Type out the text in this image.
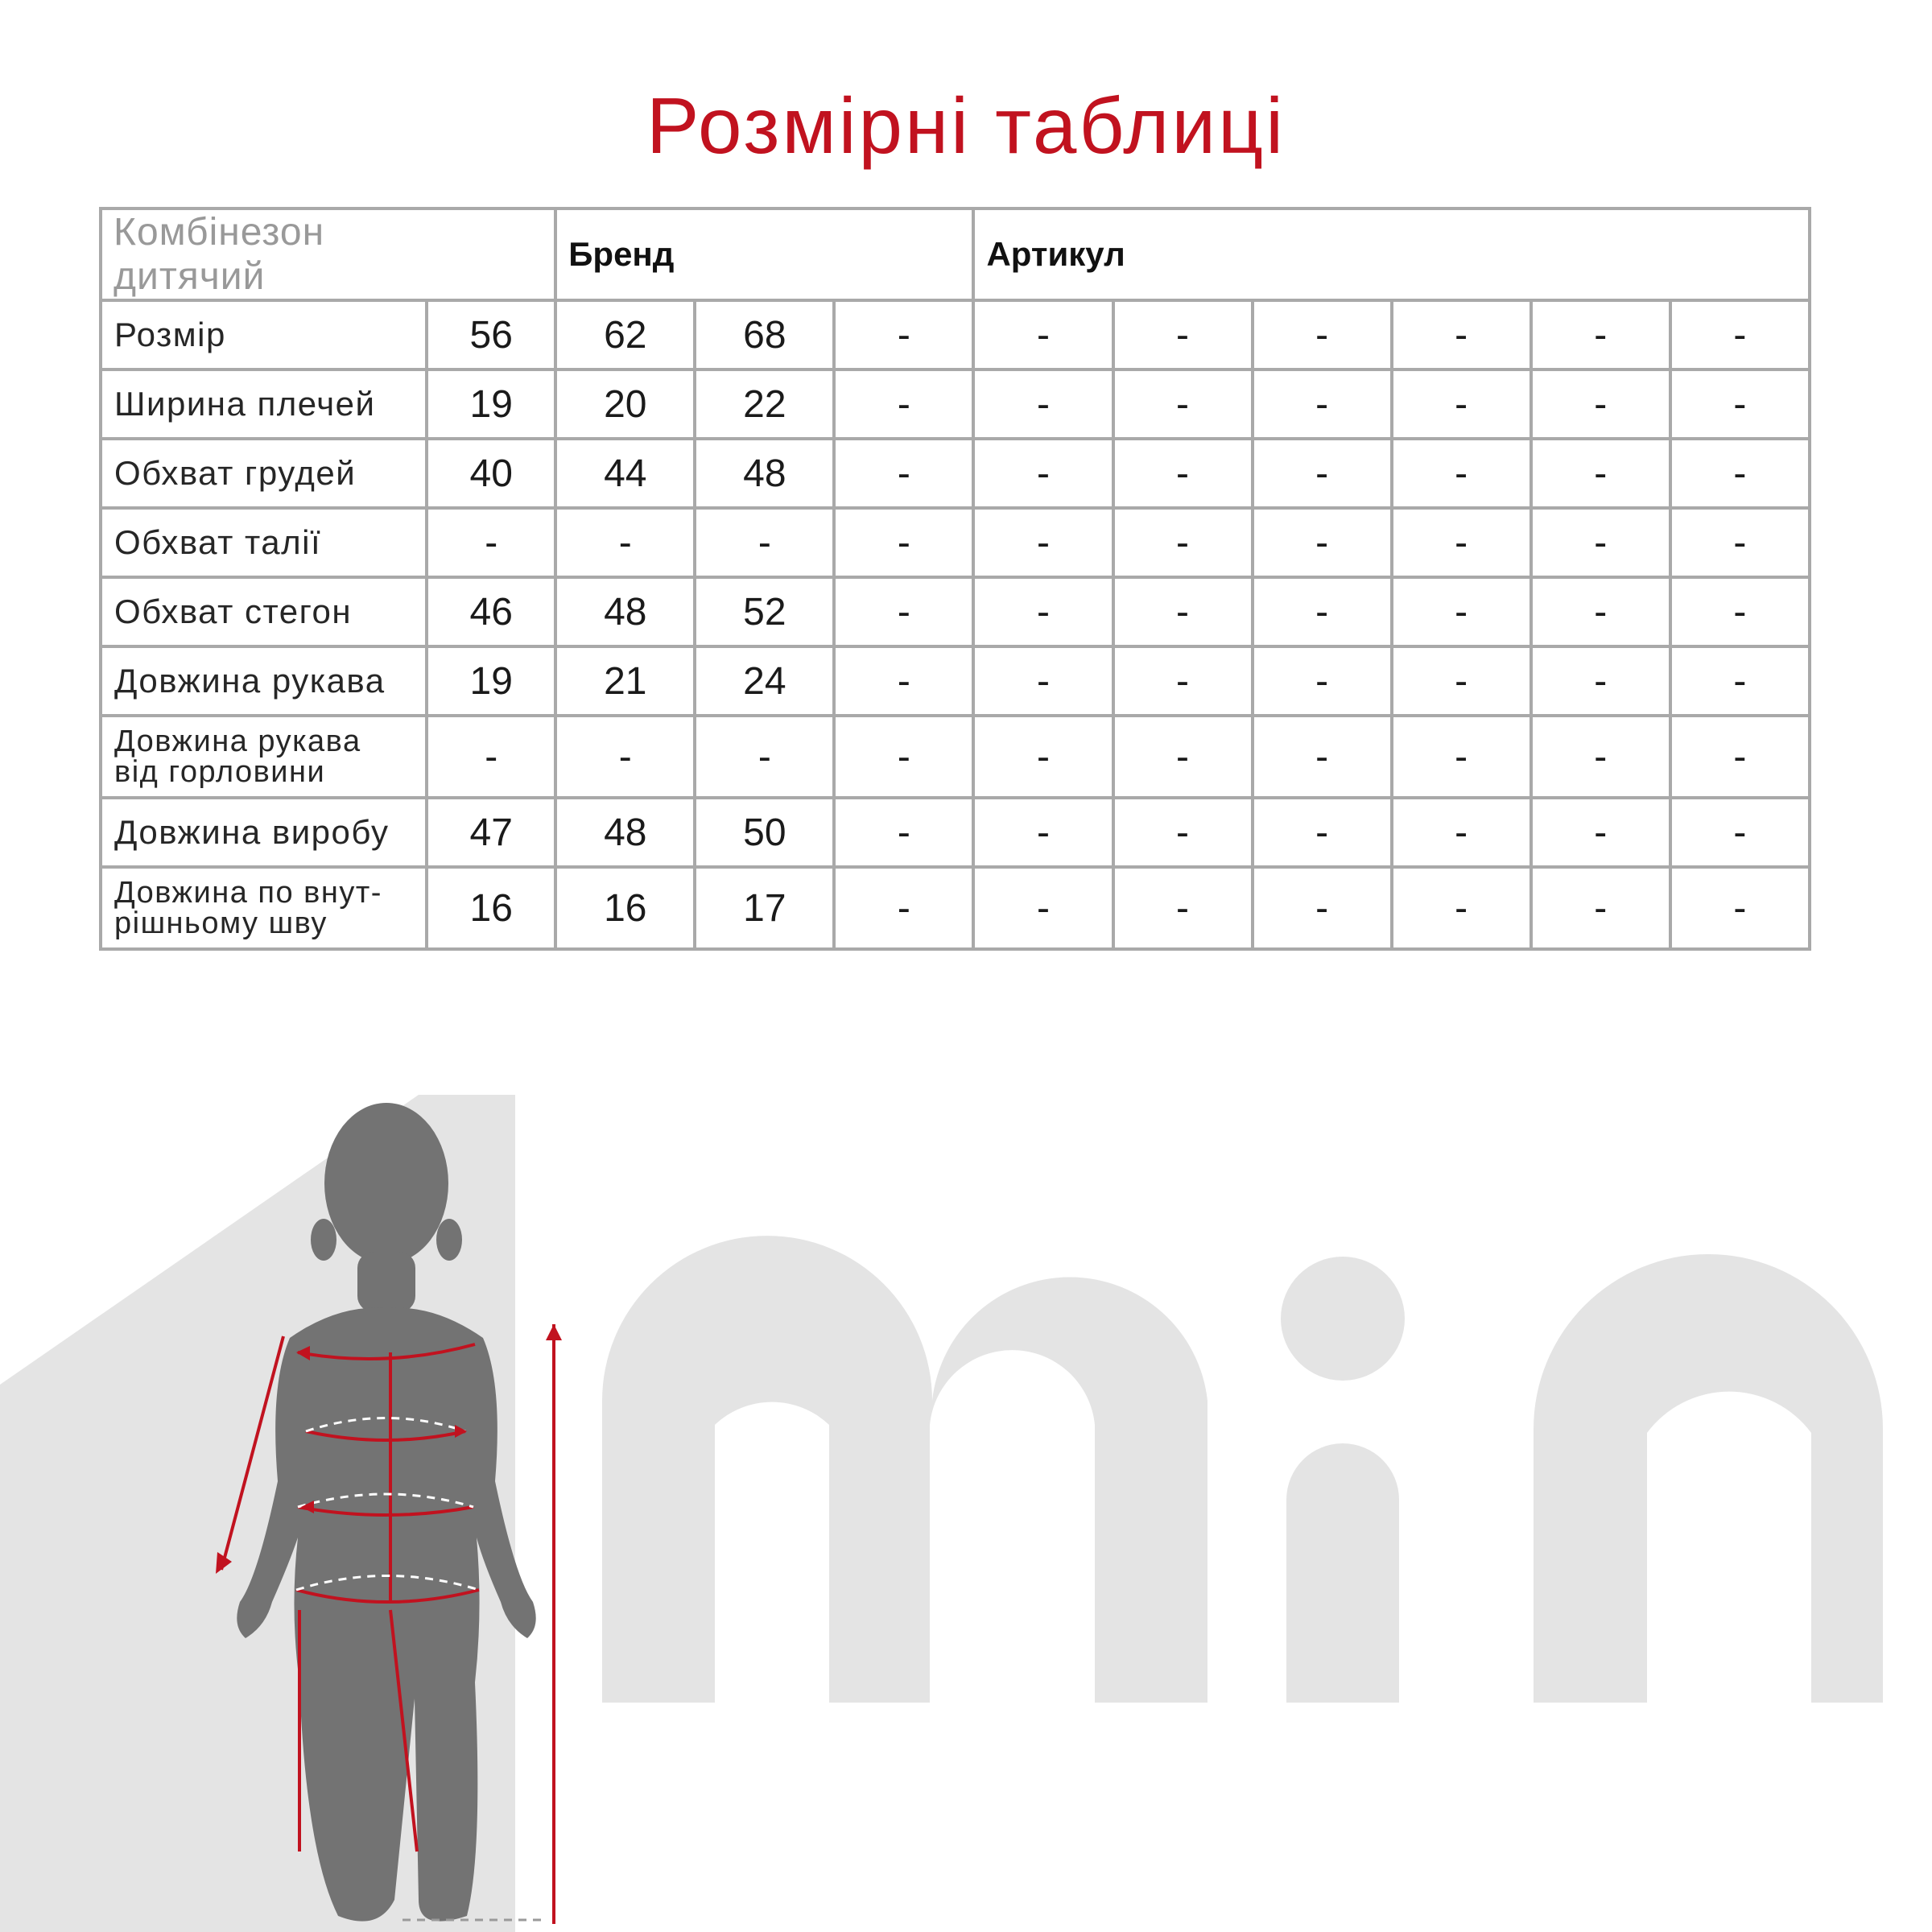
Розмірні таблиці
Комбінезон дитячий		Бренд			Артикул					
Розмір	56	62	68	-	-	-	-	-	-	-
Ширина плечей	19	20	22	-	-	-	-	-	-	-
Обхват грудей	40	44	48	-	-	-	-	-	-	-
Обхват талії	-	-	-	-	-	-	-	-	-	-
Обхват стегон	46	48	52	-	-	-	-	-	-	-
Довжина рукава	19	21	24	-	-	-	-	-	-	-

Довжина рукава
від горловини	-	-	-	-	-	-	-	-	-	-
Довжина виробу	47	48	50	-	-	-	-	-	-	-

Довжина по внут-
рішньому шву	16	16	17	-	-	-	-	-	-	-
